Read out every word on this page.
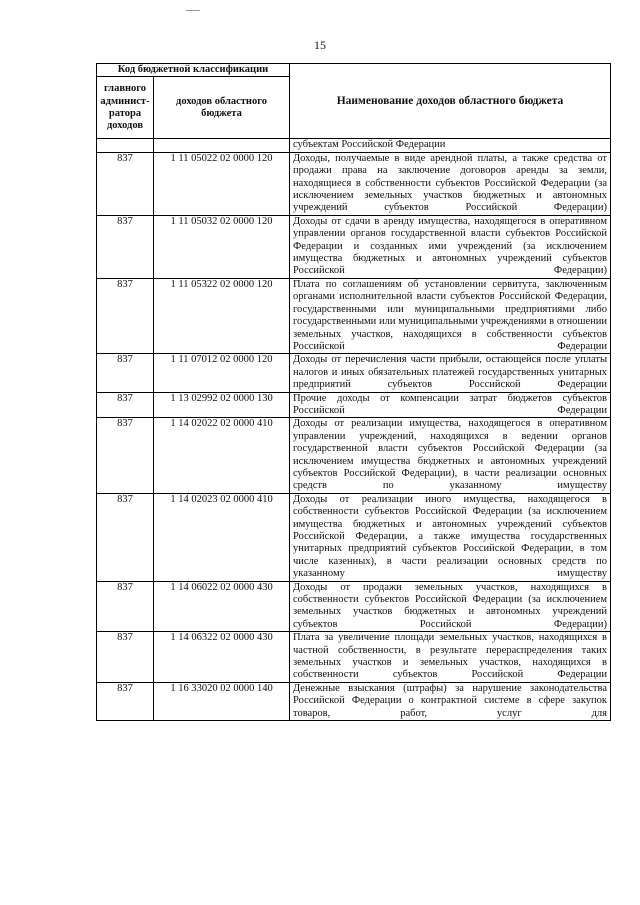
15
Код бюджетной классификации		Наименование доходов областного бюджета
главного админист-ратора доходов	доходов областного бюджета	
		субъектам Российской Федерации
837	1 11 05022 02 0000 120	Доходы, получаемые в виде арендной платы, а также средства от продажи права на заключение договоров аренды за земли, находящиеся в собственности субъектов Российской Федерации (за исключением земельных участков бюджетных и автономных учреждений субъектов Российской Федерации)
837	1 11 05032 02 0000 120	Доходы от сдачи в аренду имущества, находящегося в оперативном управлении органов государственной власти субъектов Российской Федерации и созданных ими учреждений (за исключением имущества бюджетных и автономных учреждений субъектов Российской Федерации)
837	1 11 05322 02 0000 120	Плата по соглашениям об установлении сервитута, заключенным органами исполнительной власти субъектов Российской Федерации, государственными или муниципальными предприятиями либо государственными или муниципальными учреждениями в отношении земельных участков, находящихся в собственности субъектов Российской Федерации
837	1 11 07012 02 0000 120	Доходы от перечисления части прибыли, остающейся после уплаты налогов и иных обязательных платежей государственных унитарных предприятий субъектов Российской Федерации
837	1 13 02992 02 0000 130	Прочие доходы от компенсации затрат бюджетов субъектов Российской Федерации
837	1 14 02022 02 0000 410	Доходы от реализации имущества, находящегося в оперативном управлении учреждений, находящихся в ведении органов государственной власти субъектов Российской Федерации (за исключением имущества бюджетных и автономных учреждений субъектов Российской Федерации), в части реализации основных средств по указанному имуществу
837	1 14 02023 02 0000 410	Доходы от реализации иного имущества, находящегося в собственности субъектов Российской Федерации (за исключением имущества бюджетных и автономных учреждений субъектов Российской Федерации, а также имущества государственных унитарных предприятий субъектов Российской Федерации, в том числе казенных), в части реализации основных средств по указанному имуществу
837	1 14 06022 02 0000 430	Доходы от продажи земельных участков, находящихся в собственности субъектов Российской Федерации (за исключением земельных участков бюджетных и автономных учреждений субъектов Российской Федерации)
837	1 14 06322 02 0000 430	Плата за увеличение площади земельных участков, находящихся в частной собственности, в результате перераспределения таких земельных участков и земельных участков, находящихся в собственности субъектов Российской Федерации
837	1 16 33020 02 0000 140	Денежные взыскания (штрафы) за нарушение законодательства Российской Федерации о контрактной системе в сфере закупок товаров, работ, услуг для
